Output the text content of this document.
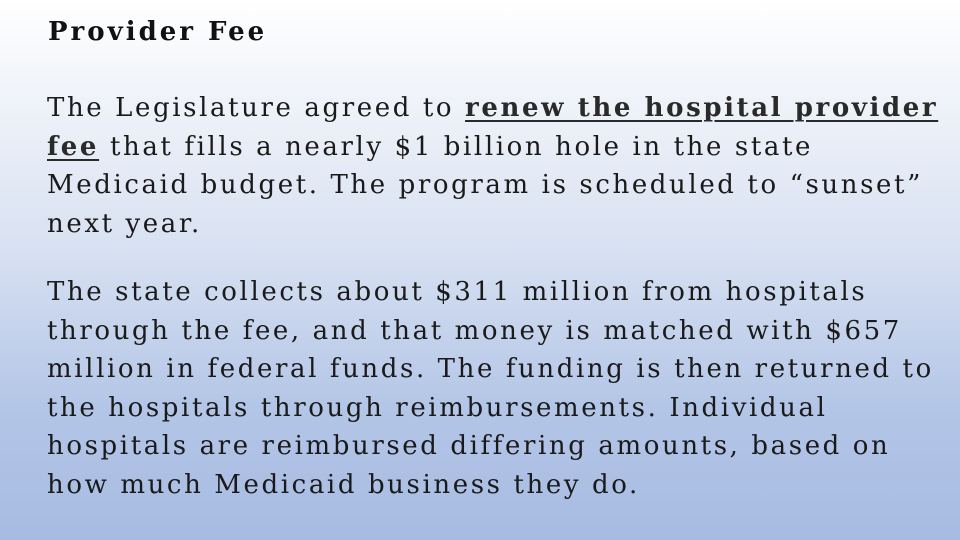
Provider Fee
The Legislature agreed to renew the hospital provider fee that fills a nearly $1 billion hole in the state Medicaid budget. The program is scheduled to “sunset” next year.
The state collects about $311 million from hospitals through the fee, and that money is matched with $657 million in federal funds. The funding is then returned to the hospitals through reimbursements. Individual hospitals are reimbursed differing amounts, based on how much Medicaid business they do.
